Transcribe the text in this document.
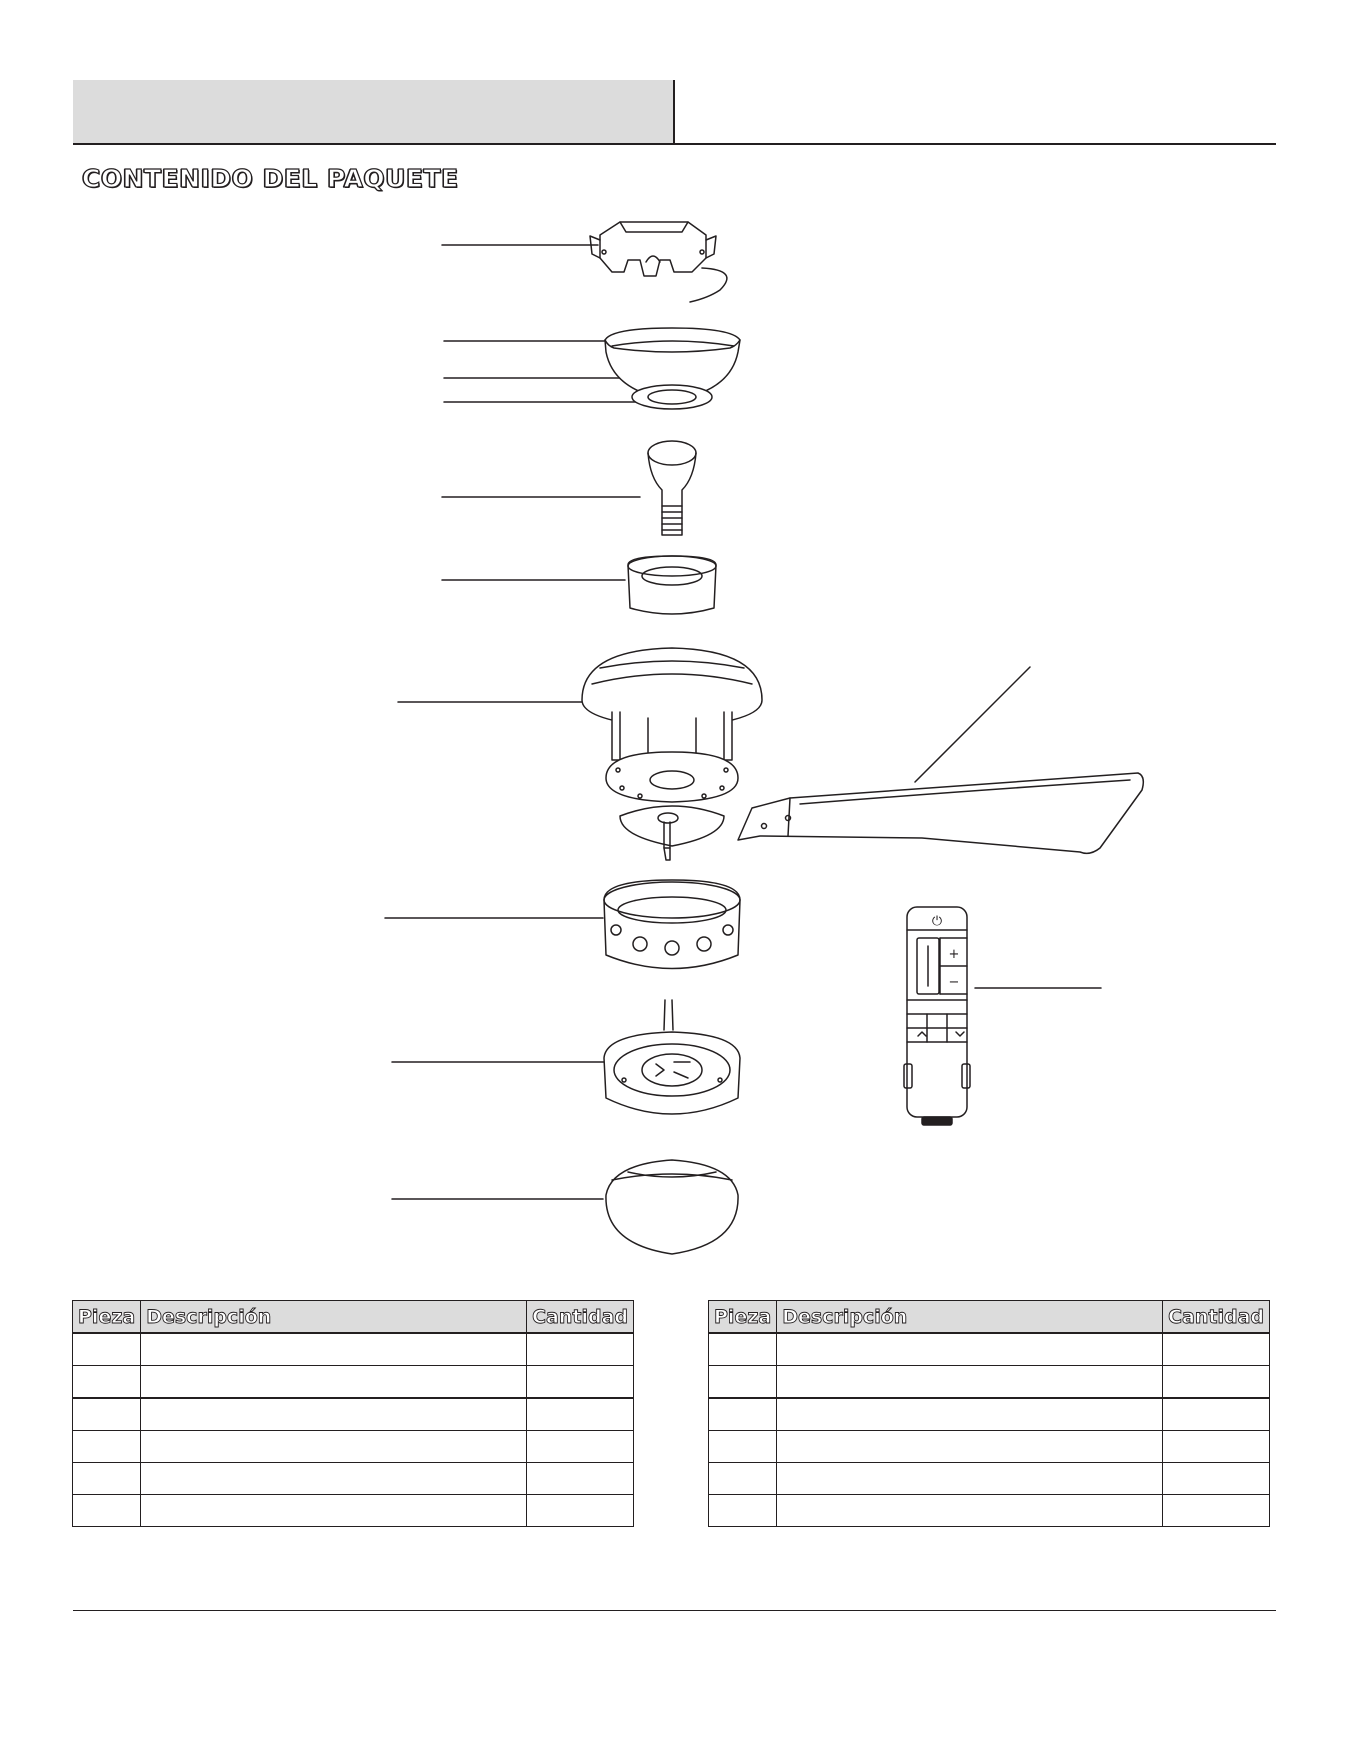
CONTENIDO DEL PAQUETE
⏻
+
−
Pieza	Descripción	Cantidad

			Pieza	Descripción	Cantidad
